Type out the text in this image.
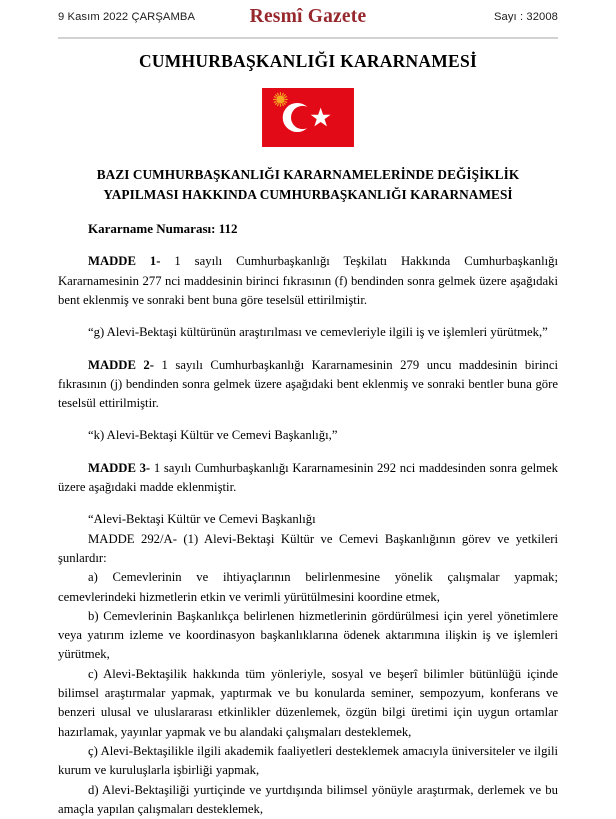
9 Kasım 2022 ÇARŞAMBA	Resmî Gazete	Sayı : 32008
CUMHURBAŞKANLIĞI KARARNAMESİ
BAZI CUMHURBAŞKANLIĞI KARARNAMELERİNDE DEĞİŞİKLİK YAPILMASI HAKKINDA CUMHURBAŞKANLIĞI KARARNAMESİ
Kararname Numarası: 112

MADDE 1- 1 sayılı Cumhurbaşkanlığı Teşkilatı Hakkında Cumhurbaşkanlığı Kararnamesinin 277 nci maddesinin birinci fıkrasının (f) bendinden sonra gelmek üzere aşağıdaki bent eklenmiş ve sonraki bent buna göre teselsül ettirilmiştir.

“g) Alevi-Bektaşi kültürünün araştırılması ve cemevleriyle ilgili iş ve işlemleri yürütmek,”

MADDE 2- 1 sayılı Cumhurbaşkanlığı Kararnamesinin 279 uncu maddesinin birinci fıkrasının (j) bendinden sonra gelmek üzere aşağıdaki bent eklenmiş ve sonraki bentler buna göre teselsül ettirilmiştir.

“k) Alevi-Bektaşi Kültür ve Cemevi Başkanlığı,”

MADDE 3- 1 sayılı Cumhurbaşkanlığı Kararnamesinin 292 nci maddesinden sonra gelmek üzere aşağıdaki madde eklenmiştir.

“Alevi-Bektaşi Kültür ve Cemevi Başkanlığı

MADDE 292/A- (1) Alevi-Bektaşi Kültür ve Cemevi Başkanlığının görev ve yetkileri şunlardır:

a) Cemevlerinin ve ihtiyaçlarının belirlenmesine yönelik çalışmalar yapmak; cemevlerindeki hizmetlerin etkin ve verimli yürütülmesini koordine etmek,

b) Cemevlerinin Başkanlıkça belirlenen hizmetlerinin gördürülmesi için yerel yönetimlere veya yatırım izleme ve koordinasyon başkanlıklarına ödenek aktarımına ilişkin iş ve işlemleri yürütmek,

c) Alevi-Bektaşilik hakkında tüm yönleriyle, sosyal ve beşerî bilimler bütünlüğü içinde bilimsel araştırmalar yapmak, yaptırmak ve bu konularda seminer, sempozyum, konferans ve benzeri ulusal ve uluslararası etkinlikler düzenlemek, özgün bilgi üretimi için uygun ortamlar hazırlamak, yayınlar yapmak ve bu alandaki çalışmaları desteklemek,

ç) Alevi-Bektaşilikle ilgili akademik faaliyetleri desteklemek amacıyla üniversiteler ve ilgili kurum ve kuruluşlarla işbirliği yapmak,

d) Alevi-Bektaşiliği yurtiçinde ve yurtdışında bilimsel yönüyle araştırmak, derlemek ve bu amaçla yapılan çalışmaları desteklemek,
